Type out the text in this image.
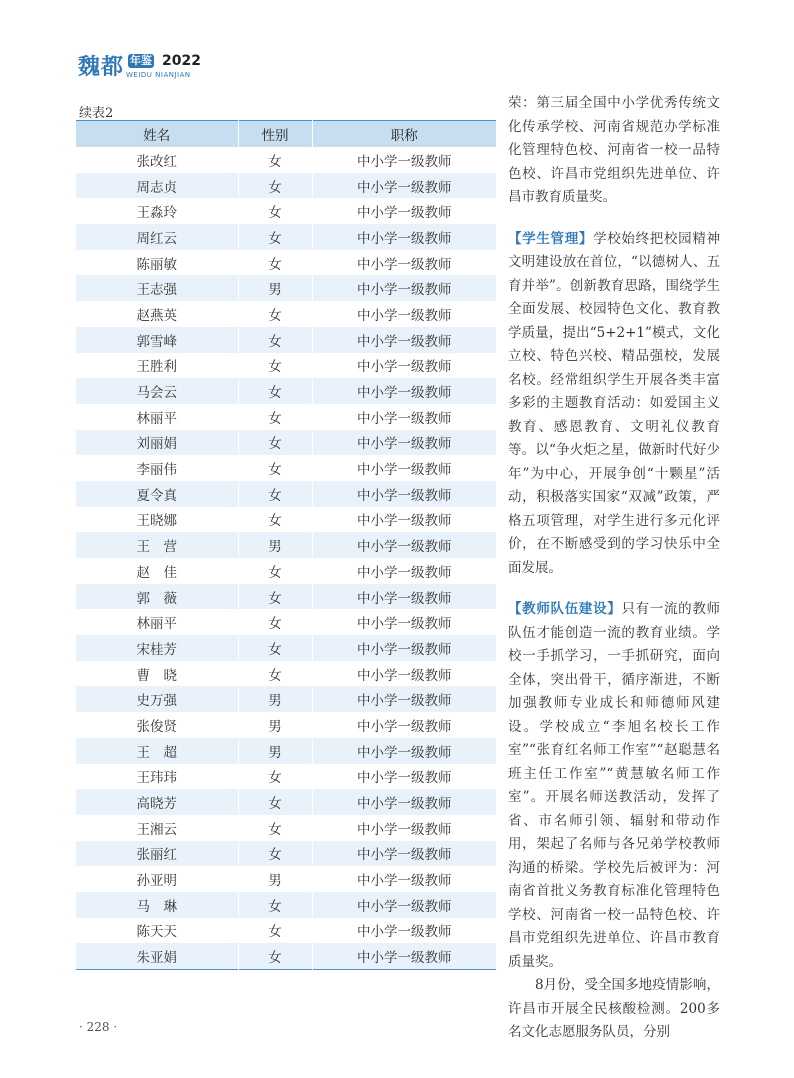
魏都 年鉴 2022
WEIDU NIANJIAN
续表2
姓名	性别	职称
张改红	女	中小学一级教师
周志贞	女	中小学一级教师
王淼玲	女	中小学一级教师
周红云	女	中小学一级教师
陈丽敏	女	中小学一级教师
王志强	男	中小学一级教师
赵燕英	女	中小学一级教师
郭雪峰	女	中小学一级教师
王胜利	女	中小学一级教师
马会云	女	中小学一级教师
林丽平	女	中小学一级教师
刘丽娟	女	中小学一级教师
李丽伟	女	中小学一级教师
夏令真	女	中小学一级教师
王晓娜	女	中小学一级教师
王　营	男	中小学一级教师
赵　佳	女	中小学一级教师
郭　薇	女	中小学一级教师
林丽平	女	中小学一级教师
宋桂芳	女	中小学一级教师
曹　晓	女	中小学一级教师
史万强	男	中小学一级教师
张俊贤	男	中小学一级教师
王　超	男	中小学一级教师
王玮玮	女	中小学一级教师
高晓芳	女	中小学一级教师
王湘云	女	中小学一级教师
张丽红	女	中小学一级教师
孙亚明	男	中小学一级教师
马　琳	女	中小学一级教师
陈天天	女	中小学一级教师
朱亚娟	女	中小学一级教师

荣：第三届全国中小学优秀传统文化传承学校、河南省规范办学标准化管理特色校、河南省一校一品特色校、许昌市党组织先进单位、许昌市教育质量奖。

【学生管理】学校始终把校园精神文明建设放在首位，“以德树人、五育并举”。创新教育思路，围绕学生全面发展、校园特色文化、教育教学质量，提出“5+2+1”模式，文化立校、特色兴校、精品强校，发展名校。经常组织学生开展各类丰富多彩的主题教育活动：如爱国主义教育、感恩教育、文明礼仪教育等。以“争火炬之星，做新时代好少年”为中心，开展争创“十颗星”活动，积极落实国家“双减”政策，严格五项管理，对学生进行多元化评价，在不断感受到的学习快乐中全面发展。

【教师队伍建设】只有一流的教师队伍才能创造一流的教育业绩。学校一手抓学习，一手抓研究，面向全体，突出骨干，循序渐进，不断加强教师专业成长和师德师风建设。学校成立“李旭名校长工作室”“张育红名师工作室”“赵聪慧名班主任工作室”“黄慧敏名师工作室”。开展名师送教活动，发挥了省、市名师引领、辐射和带动作用，架起了名师与各兄弟学校教师沟通的桥梁。学校先后被评为：河南省首批义务教育标准化管理特色学校、河南省一校一品特色校、许昌市党组织先进单位、许昌市教育质量奖。

8月份，受全国多地疫情影响，许昌市开展全民核酸检测。200多名文化志愿服务队员，分别

· 228 ·
